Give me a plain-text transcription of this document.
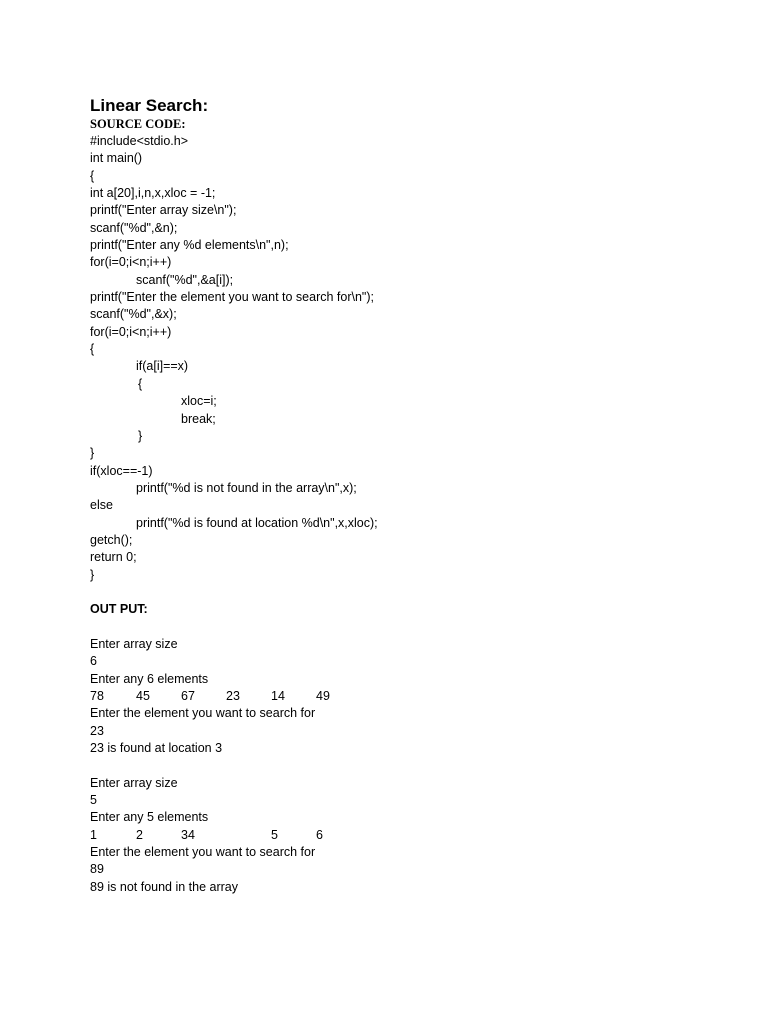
Linear Search:
SOURCE CODE:
#include<stdio.h>
int main()
{
int a[20],i,n,x,xloc = -1;
printf("Enter array size\n");
scanf("%d",&n);
printf("Enter any %d elements\n",n);
for(i=0;i<n;i++)
scanf("%d",&a[i]);
printf("Enter the element you want to search for\n");
scanf("%d",&x);
for(i=0;i<n;i++)
{
if(a[i]==x)
{
xloc=i;
break;
}
}
if(xloc==-1)
printf("%d is not found in the array\n",x);
else
printf("%d is found at location %d\n",x,xloc);
getch();
return 0;
}
OUT PUT:
Enter array size
6
Enter any 6 elements
78	45 67 23 14 49
Enter the element you want to search for
23
23 is found at location 3
Enter array size
5
Enter any 5 elements
1	2	34	5	6
Enter the element you want to search for
89
89 is not found in the array
